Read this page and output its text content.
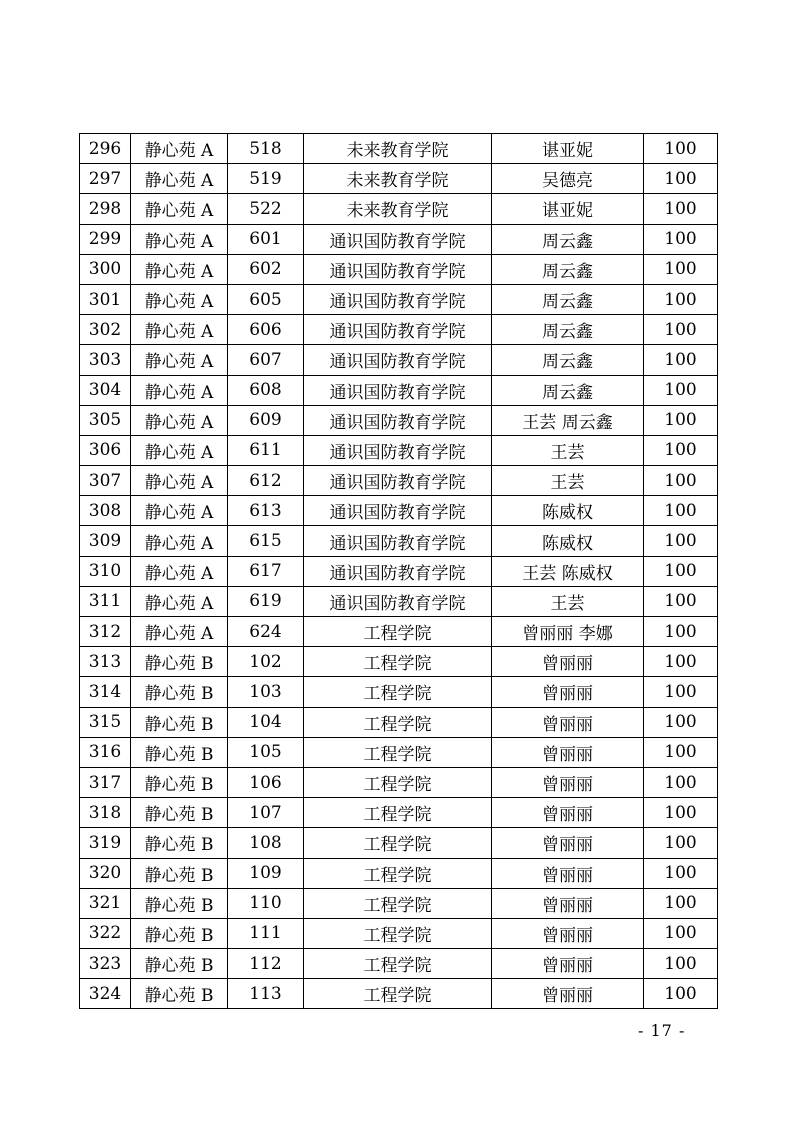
296	静心苑 A	518	未来教育学院	谌亚妮	100
297	静心苑 A	519	未来教育学院	吴德亮	100
298	静心苑 A	522	未来教育学院	谌亚妮	100
299	静心苑 A	601	通识国防教育学院	周云鑫	100
300	静心苑 A	602	通识国防教育学院	周云鑫	100
301	静心苑 A	605	通识国防教育学院	周云鑫	100
302	静心苑 A	606	通识国防教育学院	周云鑫	100
303	静心苑 A	607	通识国防教育学院	周云鑫	100
304	静心苑 A	608	通识国防教育学院	周云鑫	100
305	静心苑 A	609	通识国防教育学院	王芸 周云鑫	100
306	静心苑 A	611	通识国防教育学院	王芸	100
307	静心苑 A	612	通识国防教育学院	王芸	100
308	静心苑 A	613	通识国防教育学院	陈威权	100
309	静心苑 A	615	通识国防教育学院	陈威权	100
310	静心苑 A	617	通识国防教育学院	王芸 陈威权	100
311	静心苑 A	619	通识国防教育学院	王芸	100
312	静心苑 A	624	工程学院	曾丽丽 李娜	100
313	静心苑 B	102	工程学院	曾丽丽	100
314	静心苑 B	103	工程学院	曾丽丽	100
315	静心苑 B	104	工程学院	曾丽丽	100
316	静心苑 B	105	工程学院	曾丽丽	100
317	静心苑 B	106	工程学院	曾丽丽	100
318	静心苑 B	107	工程学院	曾丽丽	100
319	静心苑 B	108	工程学院	曾丽丽	100
320	静心苑 B	109	工程学院	曾丽丽	100
321	静心苑 B	110	工程学院	曾丽丽	100
322	静心苑 B	111	工程学院	曾丽丽	100
323	静心苑 B	112	工程学院	曾丽丽	100
324	静心苑 B	113	工程学院	曾丽丽	100
- 17 -
